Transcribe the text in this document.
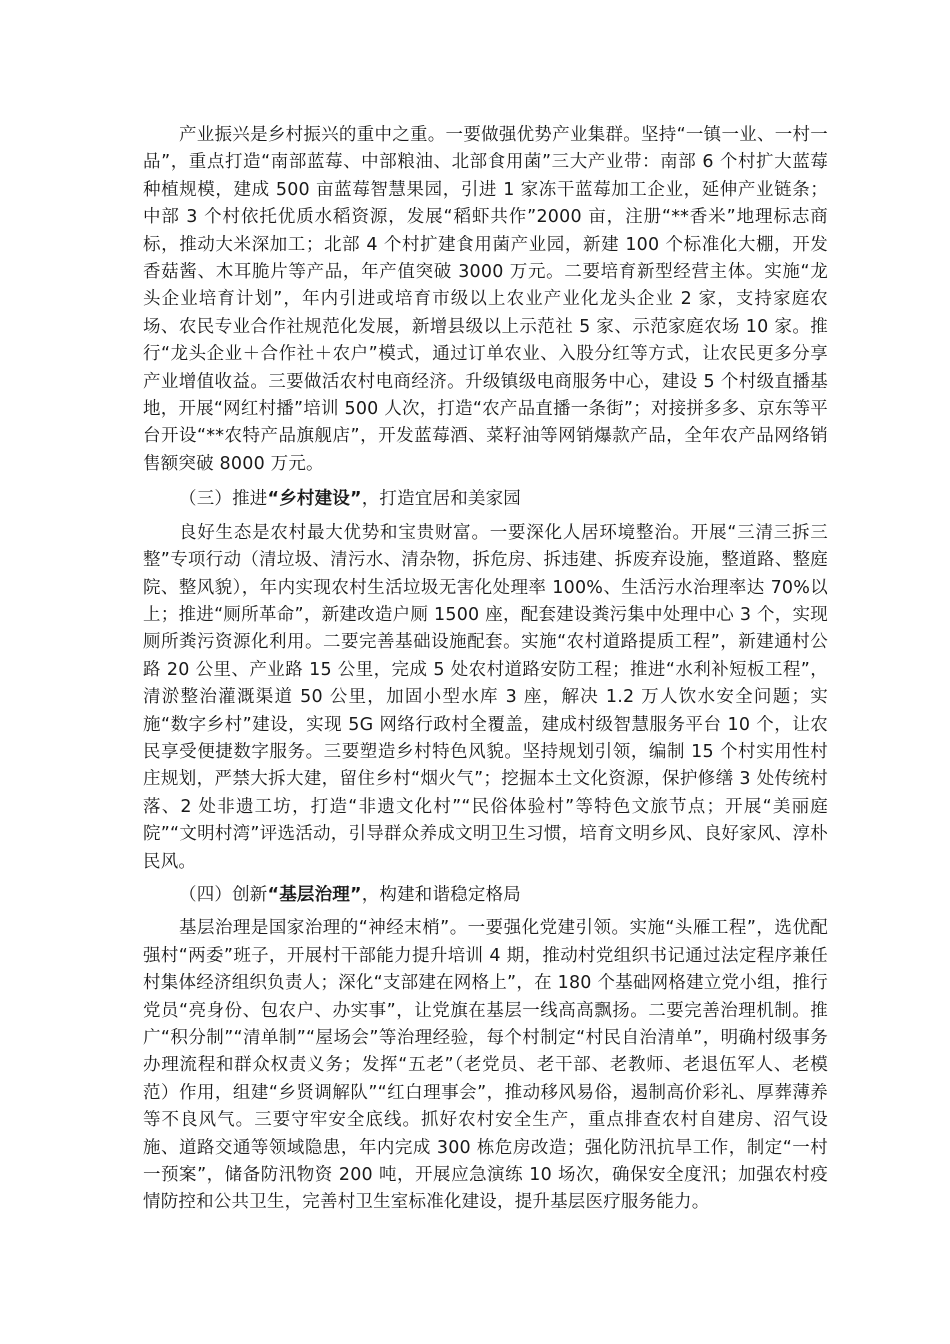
产业振兴是乡村振兴的重中之重。一要做强优势产业集群。坚持“一镇一业、一村一品”，重点打造“南部蓝莓、中部粮油、北部食用菌”三大产业带：南部 6 个村扩大蓝莓种植规模，建成 500 亩蓝莓智慧果园，引进 1 家冻干蓝莓加工企业，延伸产业链条；中部 3 个村依托优质水稻资源，发展“稻虾共作”2000 亩，注册“**香米”地理标志商标，推动大米深加工；北部 4 个村扩建食用菌产业园，新建 100 个标准化大棚，开发香菇酱、木耳脆片等产品，年产值突破 3000 万元。二要培育新型经营主体。实施“龙头企业培育计划”，年内引进或培育市级以上农业产业化龙头企业 2 家，支持家庭农场、农民专业合作社规范化发展，新增县级以上示范社 5 家、示范家庭农场 10 家。推行“龙头企业＋合作社＋农户”模式，通过订单农业、入股分红等方式，让农民更多分享产业增值收益。三要做活农村电商经济。升级镇级电商服务中心，建设 5 个村级直播基地，开展“网红村播”培训 500 人次，打造“农产品直播一条街”；对接拼多多、京东等平台开设“**农特产品旗舰店”，开发蓝莓酒、菜籽油等网销爆款产品，全年农产品网络销售额突破 8000 万元。

（三）推进“乡村建设”，打造宜居和美家园

良好生态是农村最大优势和宝贵财富。一要深化人居环境整治。开展“三清三拆三整”专项行动（清垃圾、清污水、清杂物，拆危房、拆违建、拆废弃设施，整道路、整庭院、整风貌），年内实现农村生活垃圾无害化处理率 100%、生活污水治理率达 70%以上；推进“厕所革命”，新建改造户厕 1500 座，配套建设粪污集中处理中心 3 个，实现厕所粪污资源化利用。二要完善基础设施配套。实施“农村道路提质工程”，新建通村公路 20 公里、产业路 15 公里，完成 5 处农村道路安防工程；推进“水利补短板工程”，清淤整治灌溉渠道 50 公里，加固小型水库 3 座，解决 1.2 万人饮水安全问题；实施“数字乡村”建设，实现 5G 网络行政村全覆盖，建成村级智慧服务平台 10 个，让农民享受便捷数字服务。三要塑造乡村特色风貌。坚持规划引领，编制 15 个村实用性村庄规划，严禁大拆大建，留住乡村“烟火气”；挖掘本土文化资源，保护修缮 3 处传统村落、2 处非遗工坊，打造“非遗文化村”“民俗体验村”等特色文旅节点；开展“美丽庭院”“文明村湾”评选活动，引导群众养成文明卫生习惯，培育文明乡风、良好家风、淳朴民风。

（四）创新“基层治理”，构建和谐稳定格局

基层治理是国家治理的“神经末梢”。一要强化党建引领。实施“头雁工程”，选优配强村“两委”班子，开展村干部能力提升培训 4 期，推动村党组织书记通过法定程序兼任村集体经济组织负责人；深化“支部建在网格上”，在 180 个基础网格建立党小组，推行党员“亮身份、包农户、办实事”，让党旗在基层一线高高飘扬。二要完善治理机制。推广“积分制”“清单制”“屋场会”等治理经验，每个村制定“村民自治清单”，明确村级事务办理流程和群众权责义务；发挥“五老”（老党员、老干部、老教师、老退伍军人、老模范）作用，组建“乡贤调解队”“红白理事会”，推动移风易俗，遏制高价彩礼、厚葬薄养等不良风气。三要守牢安全底线。抓好农村安全生产，重点排查农村自建房、沼气设施、道路交通等领域隐患，年内完成 300 栋危房改造；强化防汛抗旱工作，制定“一村一预案”，储备防汛物资 200 吨，开展应急演练 10 场次，确保安全度汛；加强农村疫情防控和公共卫生，完善村卫生室标准化建设，提升基层医疗服务能力。
